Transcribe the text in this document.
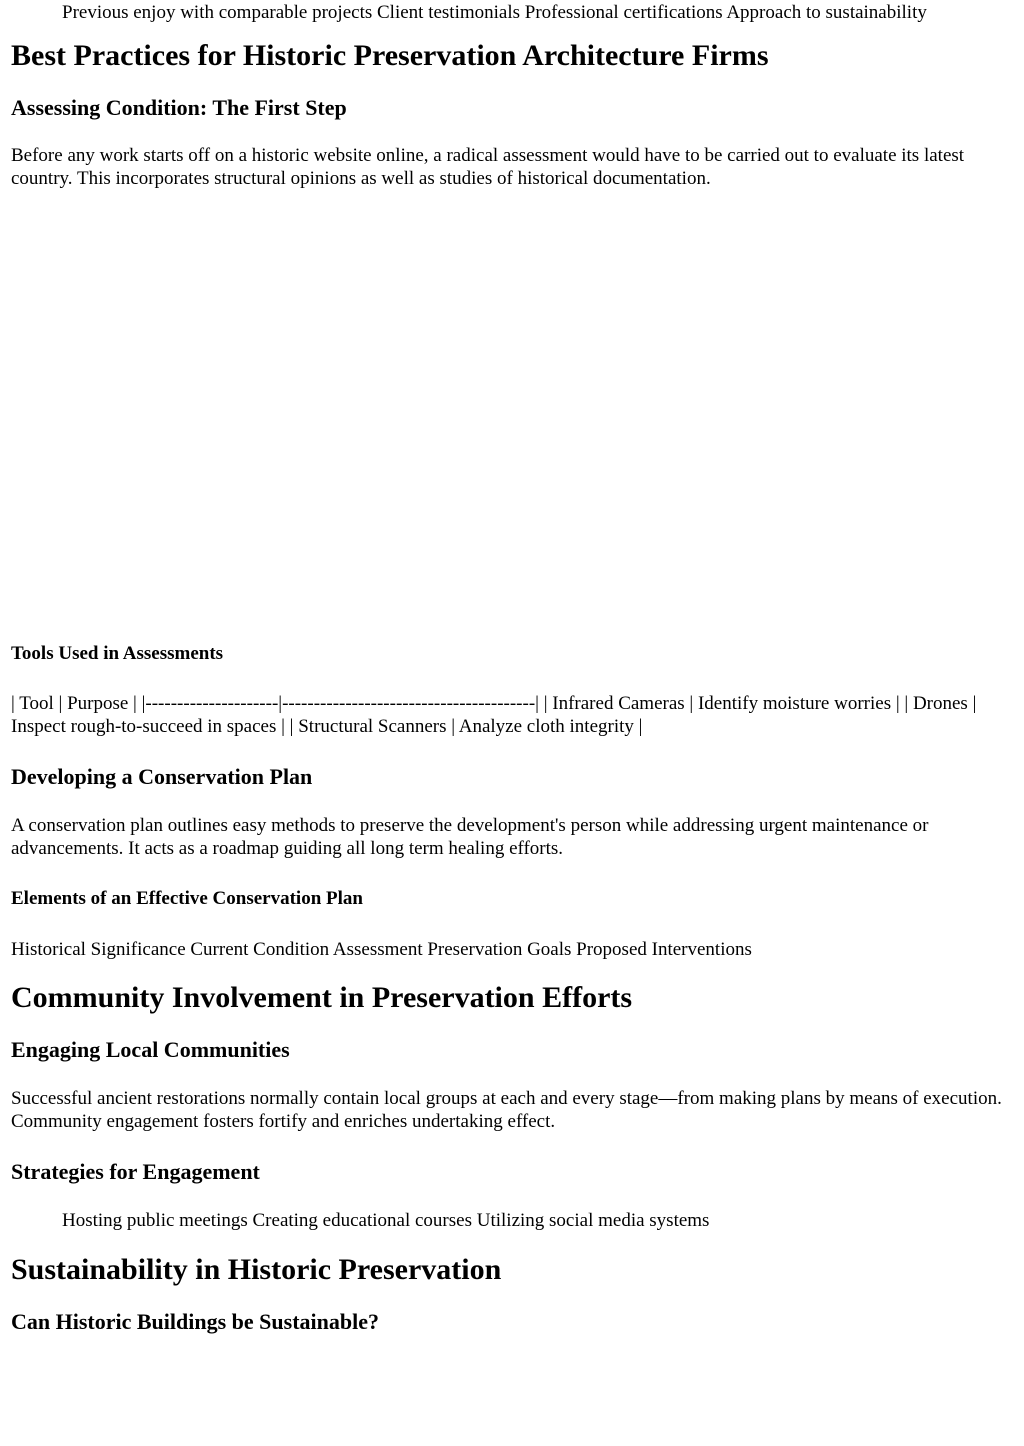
Previous enjoy with comparable projects Client testimonials Professional certifications Approach to sustainability

Best Practices for Historic Preservation Architecture Firms
Assessing Condition: The First Step

Before any work starts off on a historic website online, a radical assessment would have to be carried out to evaluate its latest country. This incorporates structural opinions as well as studies of historical documentation.

Tools Used in Assessments

| Tool | Purpose | |---------------------|----------------------------------------| | Infrared Cameras | Identify moisture worries | | Drones | Inspect rough-to-succeed in spaces | | Structural Scanners | Analyze cloth integrity |

Developing a Conservation Plan

A conservation plan outlines easy methods to preserve the development's person while addressing urgent maintenance or advancements. It acts as a roadmap guiding all long term healing efforts.

Elements of an Effective Conservation Plan

Historical Significance Current Condition Assessment Preservation Goals Proposed Interventions

Community Involvement in Preservation Efforts
Engaging Local Communities

Successful ancient restorations normally contain local groups at each and every stage—from making plans by means of execution. Community engagement fosters fortify and enriches undertaking effect.

Strategies for Engagement

Hosting public meetings Creating educational courses Utilizing social media systems

Sustainability in Historic Preservation
Can Historic Buildings be Sustainable?
